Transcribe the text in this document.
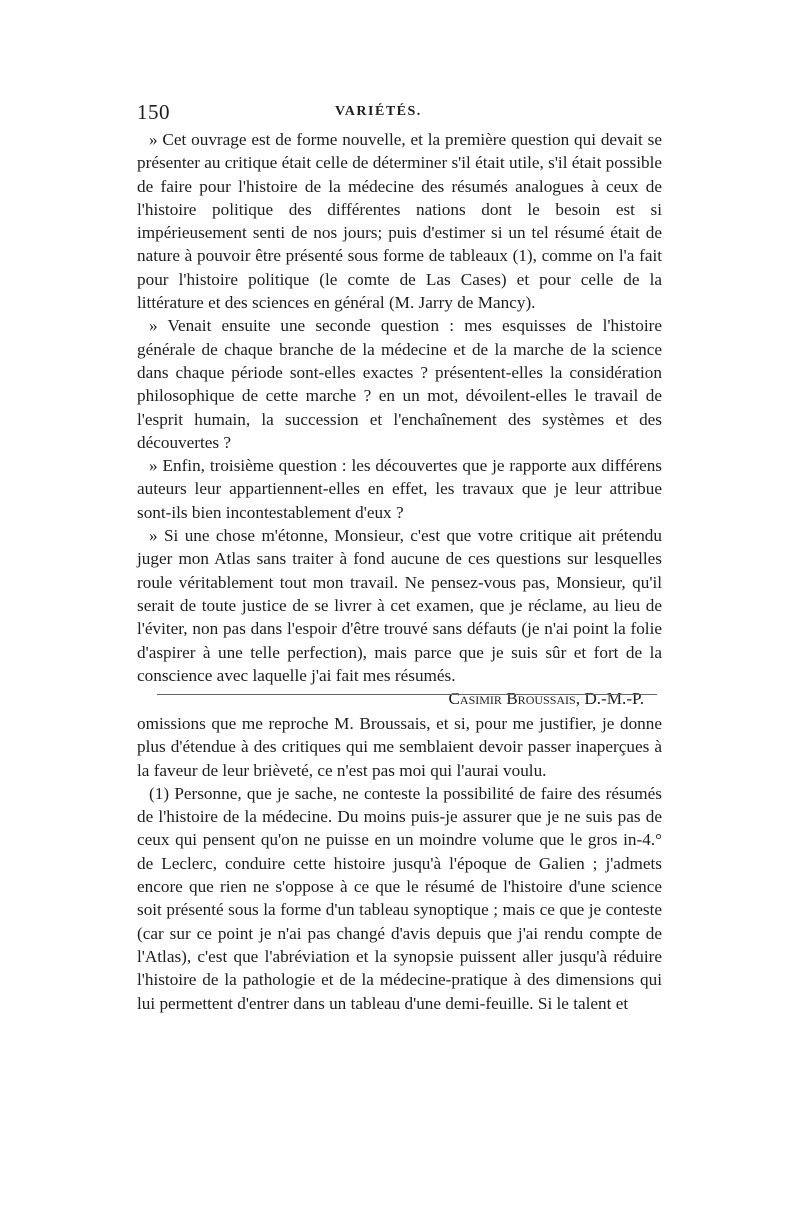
150	VARIÉTÉS.

» Cet ouvrage est de forme nouvelle, et la première question qui devait se présenter au critique était celle de déterminer s'il était utile, s'il était possible de faire pour l'histoire de la médecine des résumés analogues à ceux de l'histoire politique des différentes nations dont le besoin est si impérieusement senti de nos jours; puis d'estimer si un tel résumé était de nature à pouvoir être présenté sous forme de tableaux (1), comme on l'a fait pour l'histoire politique (le comte de Las Cases) et pour celle de la littérature et des sciences en général (M. Jarry de Mancy).

» Venait ensuite une seconde question : mes esquisses de l'histoire générale de chaque branche de la médecine et de la marche de la science dans chaque période sont-elles exactes ? présentent-elles la considération philosophique de cette marche ? en un mot, dévoilent-elles le travail de l'esprit humain, la succession et l'enchaînement des systèmes et des découvertes ?

» Enfin, troisième question : les découvertes que je rapporte aux différens auteurs leur appartiennent-elles en effet, les travaux que je leur attribue sont-ils bien incontestablement d'eux ?

» Si une chose m'étonne, Monsieur, c'est que votre critique ait prétendu juger mon Atlas sans traiter à fond aucune de ces questions sur lesquelles roule véritablement tout mon travail. Ne pensez-vous pas, Monsieur, qu'il serait de toute justice de se livrer à cet examen, que je réclame, au lieu de l'éviter, non pas dans l'espoir d'être trouvé sans défauts (je n'ai point la folie d'aspirer à une telle perfection), mais parce que je suis sûr et fort de la conscience avec laquelle j'ai fait mes résumés.

Casimir Broussais, D.-M.-P.

omissions que me reproche M. Broussais, et si, pour me justifier, je donne plus d'étendue à des critiques qui me semblaient devoir passer inaperçues à la faveur de leur brièveté, ce n'est pas moi qui l'aurai voulu.

(1) Personne, que je sache, ne conteste la possibilité de faire des résumés de l'histoire de la médecine. Du moins puis-je assurer que je ne suis pas de ceux qui pensent qu'on ne puisse en un moindre volume que le gros in-4.° de Leclerc, conduire cette histoire jusqu'à l'époque de Galien ; j'admets encore que rien ne s'oppose à ce que le résumé de l'histoire d'une science soit présenté sous la forme d'un tableau synoptique ; mais ce que je conteste (car sur ce point je n'ai pas changé d'avis depuis que j'ai rendu compte de l'Atlas), c'est que l'abréviation et la synopsie puissent aller jusqu'à réduire l'histoire de la pathologie et de la médecine-pratique à des dimensions qui lui permettent d'entrer dans un tableau d'une demi-feuille. Si le talent et
